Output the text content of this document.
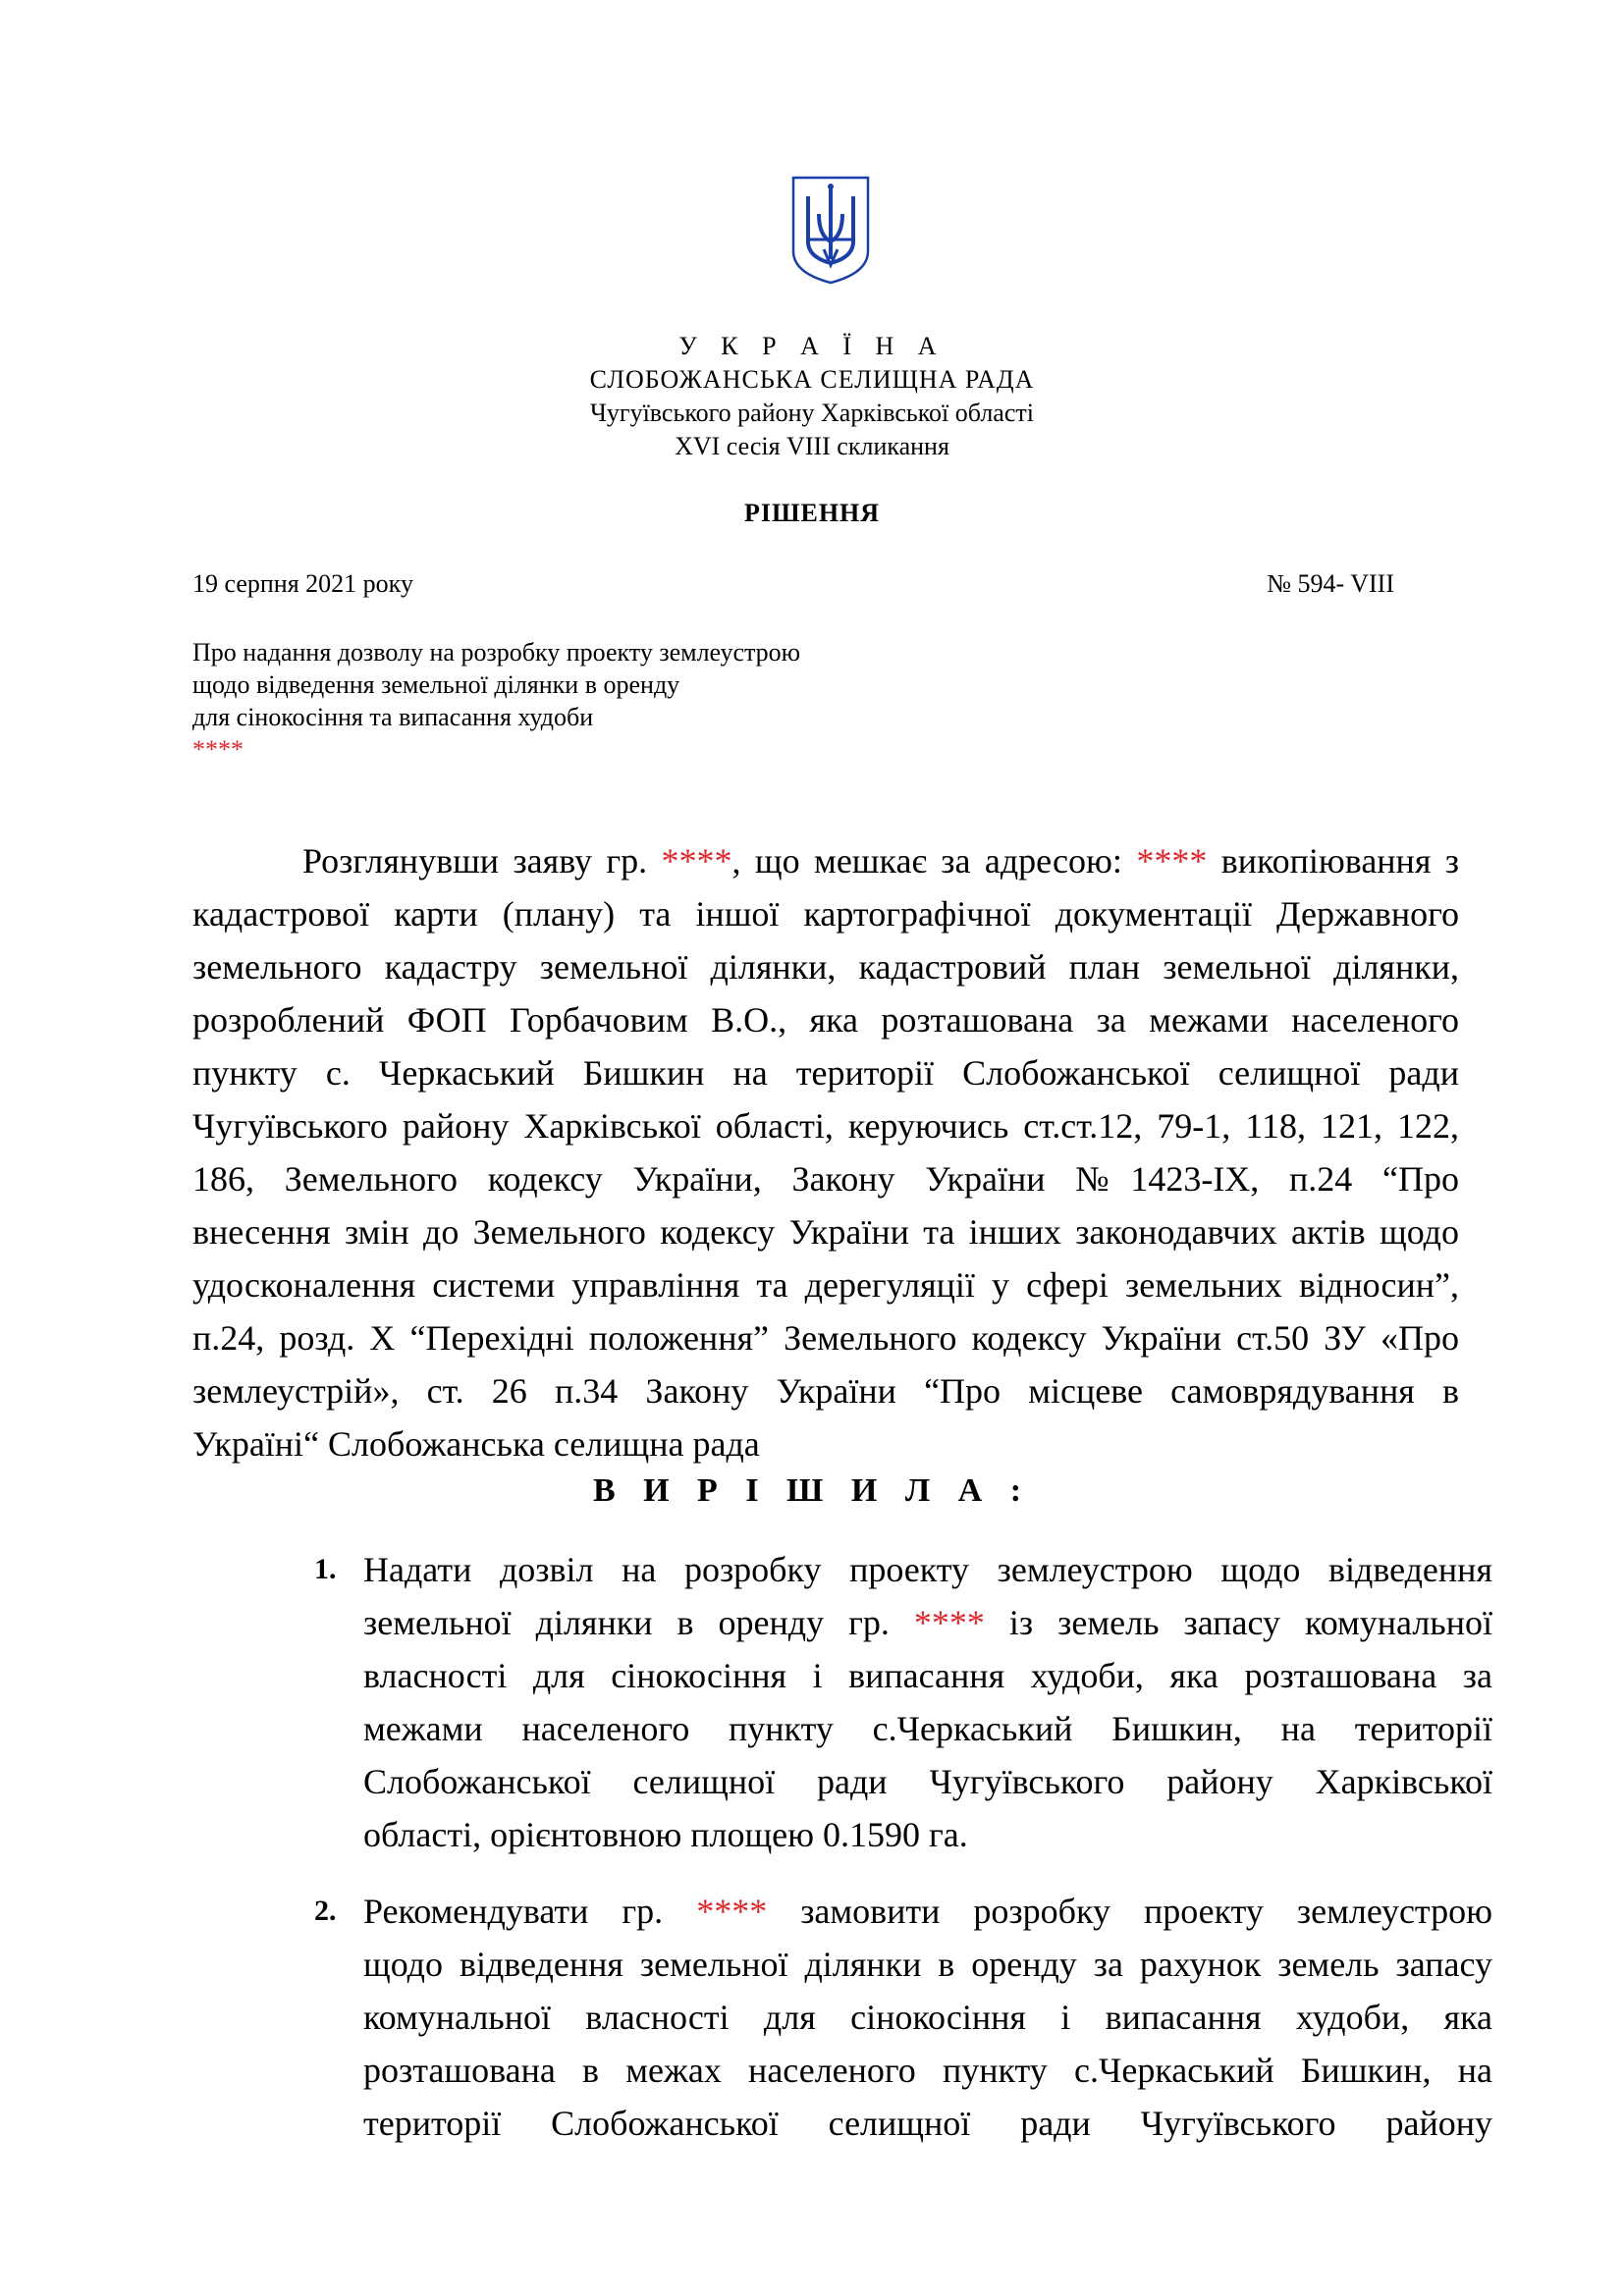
У К Р А Ї Н А
СЛОБОЖАНСЬКА СЕЛИЩНА РАДА
Чугуївського району Харківської області
XVI сесія VIII скликання
РІШЕННЯ
19 серпня 2021 року	№ 594- VIII
Про надання дозволу на розробку проекту землеустрою
щодо відведення земельної ділянки в оренду
для сінокосіння та випасання худоби
****
Розглянувши заяву гр. ****, що мешкає за адресою: **** викопіювання з
кадастрової карти (плану) та іншої картографічної документації Державного
земельного кадастру земельної ділянки, кадастровий план земельної ділянки,
розроблений ФОП Горбачовим В.О., яка розташована за межами населеного
пункту с. Черкаський Бишкин на території Слобожанської селищної ради
Чугуївського району Харківської області, керуючись ст.ст.12, 79-1, 118, 121, 122,
186, Земельного кодексу України, Закону України №1423-IX, п.24 “Про
внесення змін до Земельного кодексу України та інших законодавчих актів щодо
удосконалення системи управління та дерегуляції у сфері земельних відносин”,
п.24, розд. Х “Перехідні положення” Земельного кодексу України ст.50 ЗУ «Про
землеустрій», ст. 26 п.34 Закону України “Про місцеве самоврядування в
Україні“ Слобожанська селищна рада
В И Р І Ш И Л А :
1. Надати дозвіл на розробку проекту землеустрою щодо відведення
земельної ділянки в оренду гр. **** із земель запасу комунальної
власності для сінокосіння і випасання худоби, яка розташована за
межами населеного пункту с.Черкаський Бишкин, на території
Слобожанської селищної ради Чугуївського району Харківської
області, орієнтовною площею 0.1590 га.
2. Рекомендувати гр. **** замовити розробку проекту землеустрою
щодо відведення земельної ділянки в оренду за рахунок земель запасу
комунальної власності для сінокосіння і випасання худоби, яка
розташована в межах населеного пункту с.Черкаський Бишкин, на
території Слобожанської селищної ради Чугуївського району
